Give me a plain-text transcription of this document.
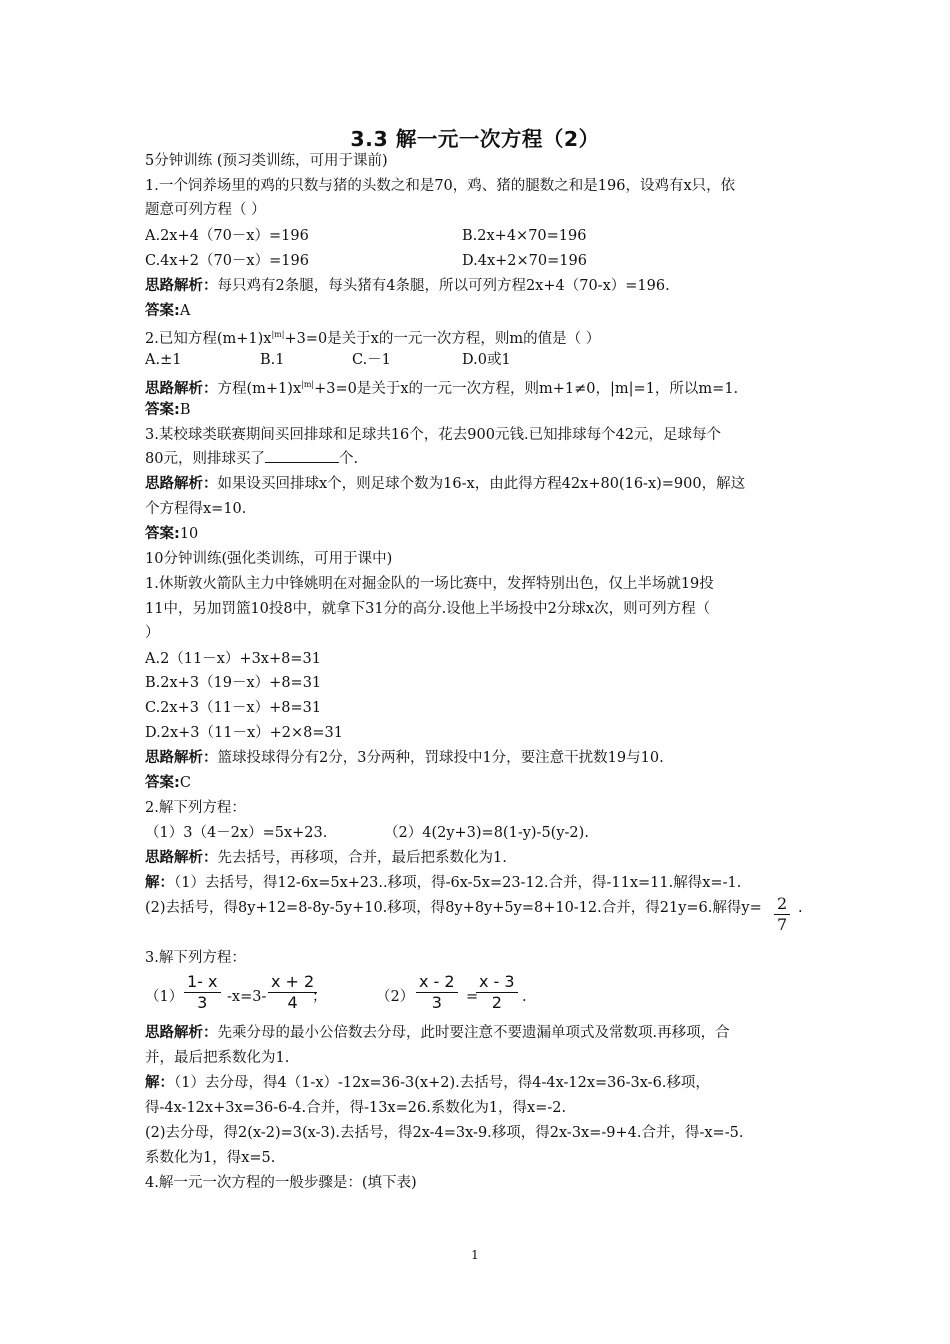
3.3 解一元一次方程（2）
5分钟训练 (预习类训练，可用于课前)
1.一个饲养场里的鸡的只数与猪的头数之和是70，鸡、猪的腿数之和是196，设鸡有x只，依
题意可列方程（ ）
A.2x+4（70－x）=196	B.2x+4×70=196
C.4x+2（70－x）=196	D.4x+2×70=196
思路解析：每只鸡有2条腿，每头猪有4条腿，所以可列方程2x+4（70-x）=196.
答案:A
2.已知方程$(m+1)x^{|m|}+3=0$是关于x的一元一次方程，则m的值是（ ）
A.±1	B.1	C.－1	D.0或1
思路解析：方程$(m+1)x^{|m|}+3=0$是关于x的一元一次方程，则m+1≠0，|m|=1，所以m=1.
答案:B
3.某校球类联赛期间买回排球和足球共16个，花去900元钱.已知排球每个42元，足球每个
80元，则排球买了	个.
思路解析：如果设买回排球x个，则足球个数为16-x，由此得方程42x+80(16-x)=900，解这
个方程得x=10.
答案:10
10分钟训练(强化类训练，可用于课中)
1.休斯敦火箭队主力中锋姚明在对掘金队的一场比赛中，发挥特别出色，仅上半场就19投
11中，另加罚篮10投8中，就拿下31分的高分.设他上半场投中2分球x次，则可列方程（
）
A.2（11－x）+3x+8=31
B.2x+3（19－x）+8=31
C.2x+3（11－x）+8=31
D.2x+3（11－x）+2×8=31
思路解析：篮球投球得分有2分，3分两种，罚球投中1分，要注意干扰数19与10.
答案:C
2.解下列方程：
（1）3（4－2x）=5x+23.	（2）4(2y+3)=8(1-y)-5(y-2).
思路解析：先去括号，再移项，合并，最后把系数化为1.
解：（1）去括号，得12-6x=5x+23..移项，得-6x-5x=23-12.合并，得-11x=11.解得x=-1.
(2)去括号，得8y+12=8-8y-5y+10.移项，得8y+8y+5y=8+10-12.合并，得21y=6.解得$y= \frac{2}{7}$ .
3.解下列方程：
$(1) \frac{1- x}{3} -x=3- \frac{x + 2}{4}$
；	$(2) \frac{x - 2}{3}$ =
$\frac{x - 3}{2}$ .
思路解析：先乘分母的最小公倍数去分母，此时要注意不要遗漏单项式及常数项.再移项，合
并，最后把系数化为1.
解：（1）去分母，得4（1-x）-12x=36-3(x+2).去括号，得4-4x-12x=36-3x-6.移项，
得-4x-12x+3x=36-6-4.合并，得-13x=26.系数化为1，得x=-2.
(2)去分母，得2(x-2)=3(x-3).去括号，得2x-4=3x-9.移项，得2x-3x=-9+4.合并，得-x=-5.
系数化为1，得x=5.
4.解一元一次方程的一般步骤是：(填下表)
1
